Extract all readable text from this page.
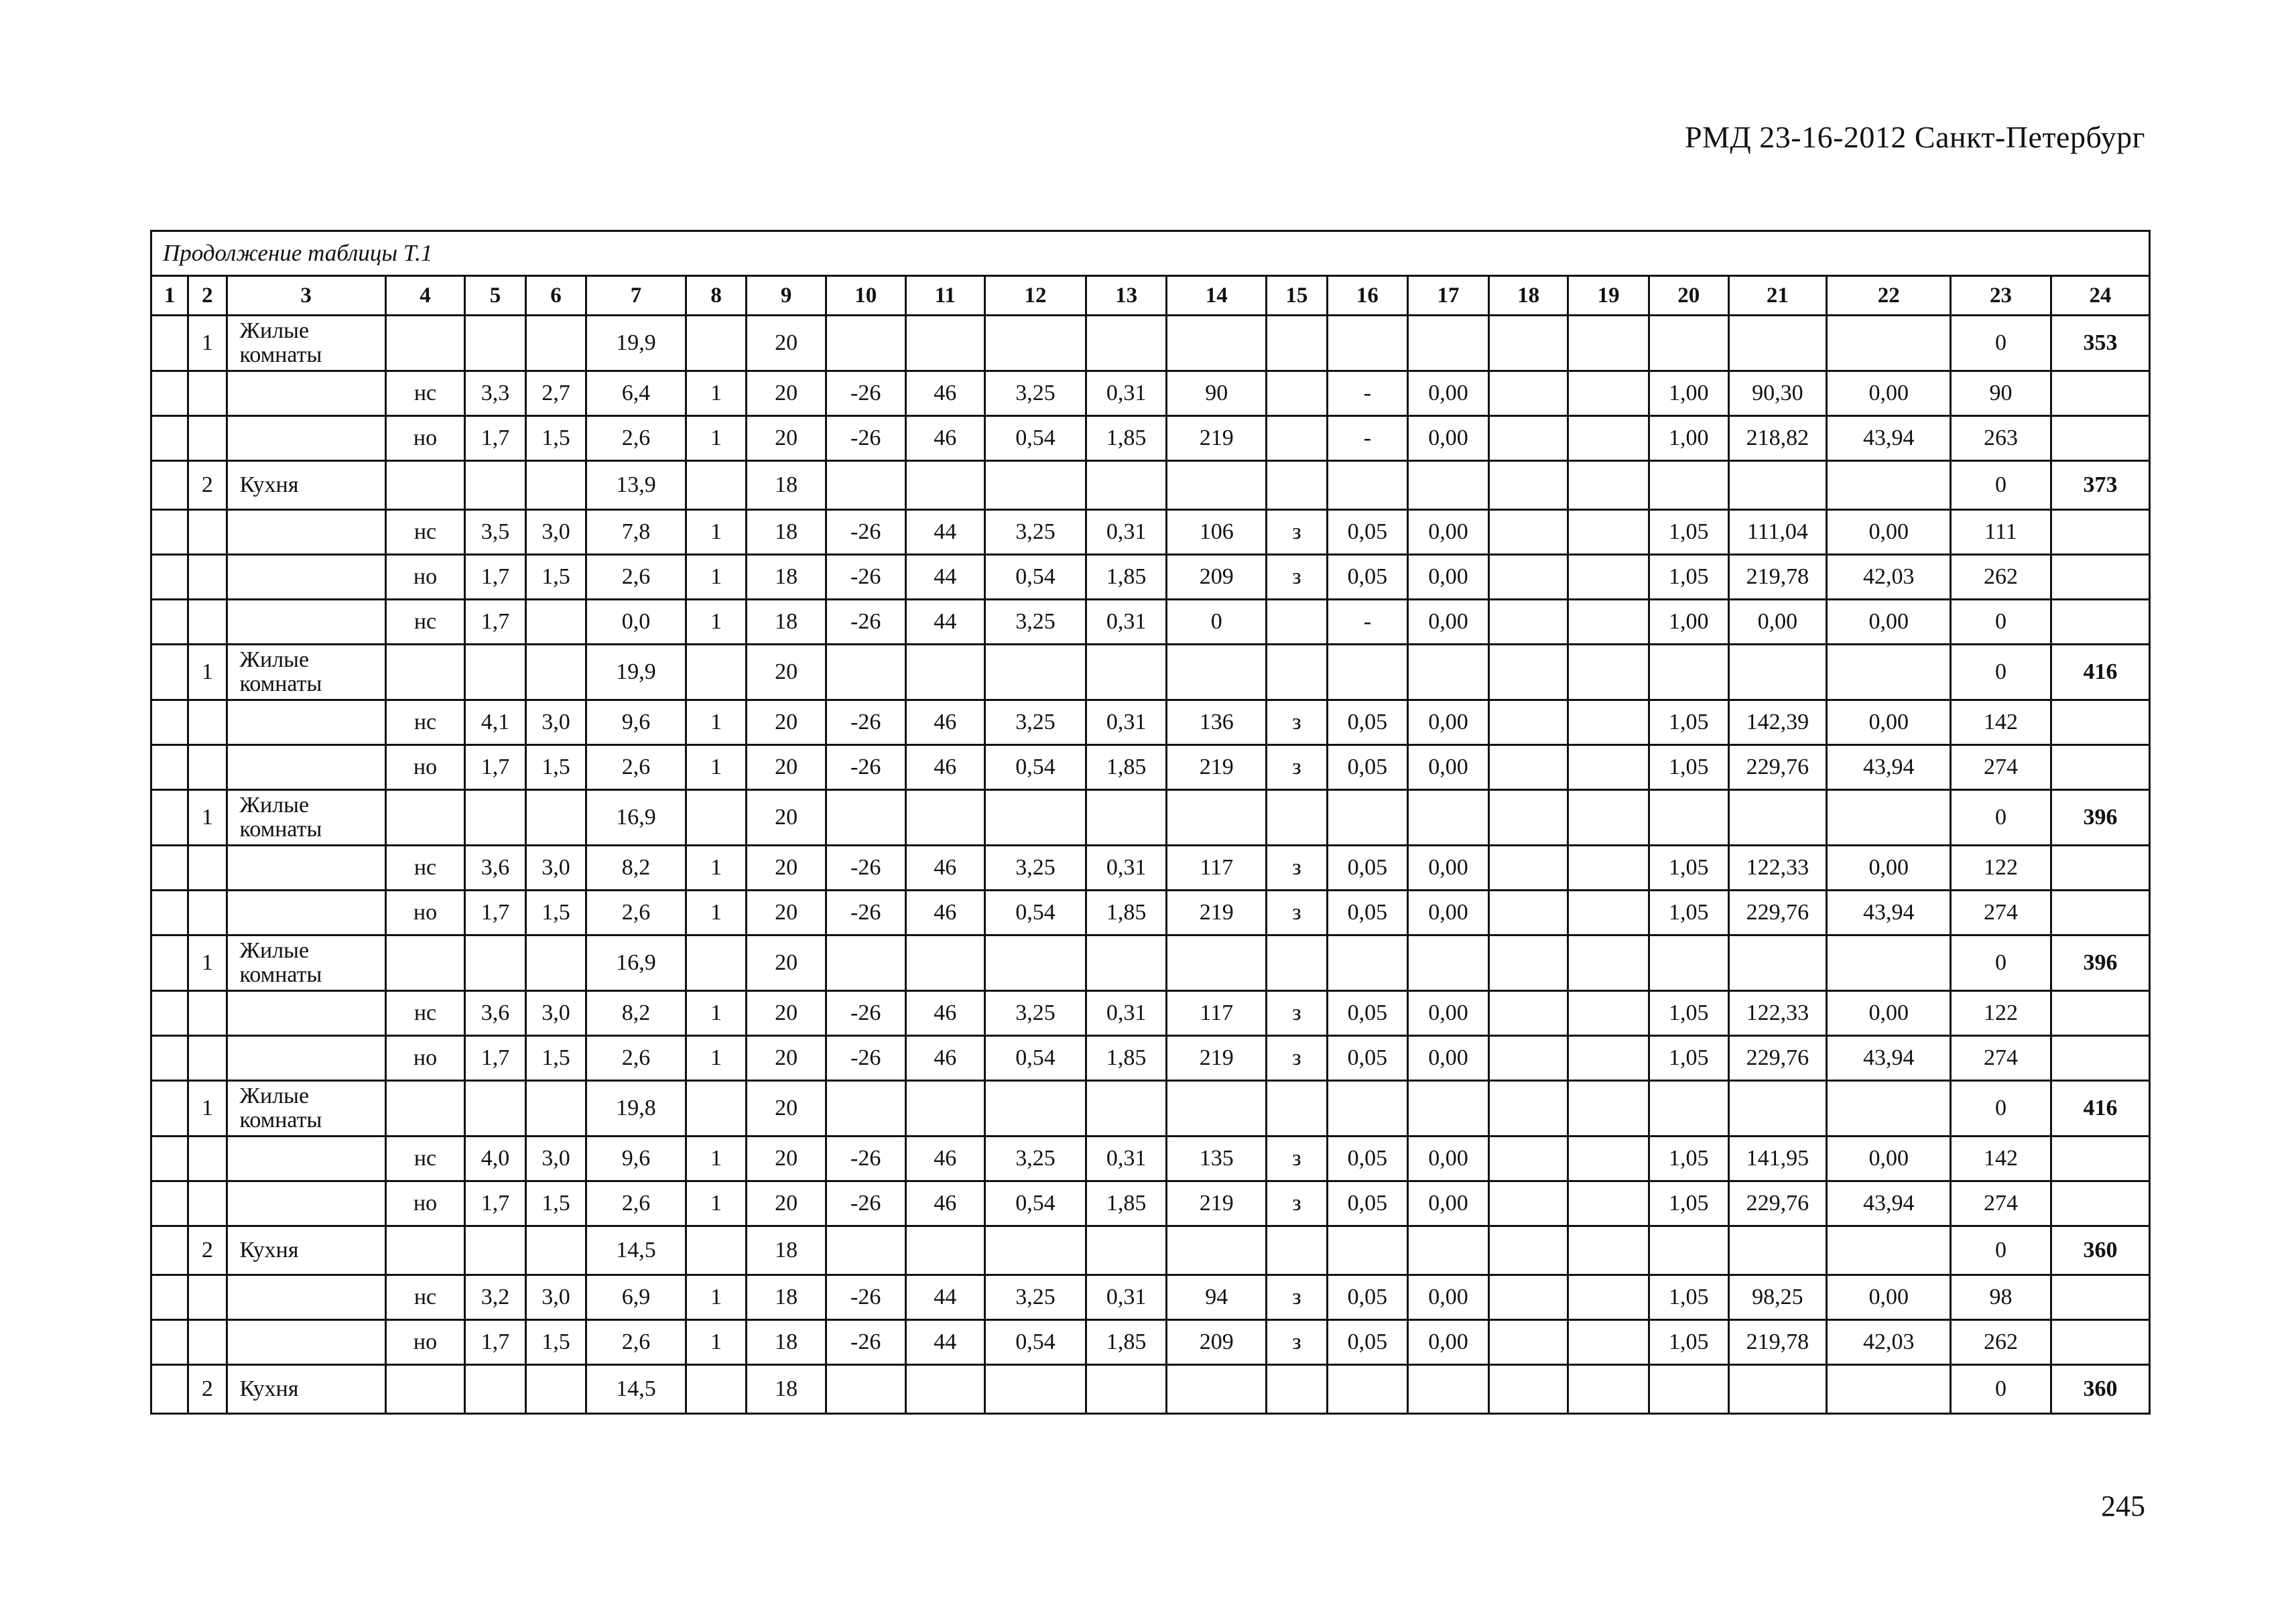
РМД 23-16-2012 Санкт-Петербург
Продолжение таблицы Т.1																							
1	2	3	4	5	6	7	8	9	10	11	12	13	14	15	16	17	18	19	20	21	22	23	24
	1	Жилые комнаты				19,9		20														0	353
			нс	3,3	2,7	6,4	1	20	-26	46	3,25	0,31	90		-	0,00			1,00	90,30	0,00	90	
			но	1,7	1,5	2,6	1	20	-26	46	0,54	1,85	219		-	0,00			1,00	218,82	43,94	263	
	2	Кухня				13,9		18														0	373
			нс	3,5	3,0	7,8	1	18	-26	44	3,25	0,31	106	з	0,05	0,00			1,05	111,04	0,00	111	
			но	1,7	1,5	2,6	1	18	-26	44	0,54	1,85	209	з	0,05	0,00			1,05	219,78	42,03	262	
			нс	1,7		0,0	1	18	-26	44	3,25	0,31	0		-	0,00			1,00	0,00	0,00	0	
	1	Жилые комнаты				19,9		20														0	416
			нс	4,1	3,0	9,6	1	20	-26	46	3,25	0,31	136	з	0,05	0,00			1,05	142,39	0,00	142	
			но	1,7	1,5	2,6	1	20	-26	46	0,54	1,85	219	з	0,05	0,00			1,05	229,76	43,94	274	
	1	Жилые комнаты				16,9		20														0	396
			нс	3,6	3,0	8,2	1	20	-26	46	3,25	0,31	117	з	0,05	0,00			1,05	122,33	0,00	122	
			но	1,7	1,5	2,6	1	20	-26	46	0,54	1,85	219	з	0,05	0,00			1,05	229,76	43,94	274	
	1	Жилые комнаты				16,9		20														0	396
			нс	3,6	3,0	8,2	1	20	-26	46	3,25	0,31	117	з	0,05	0,00			1,05	122,33	0,00	122	
			но	1,7	1,5	2,6	1	20	-26	46	0,54	1,85	219	з	0,05	0,00			1,05	229,76	43,94	274	
	1	Жилые комнаты				19,8		20														0	416
			нс	4,0	3,0	9,6	1	20	-26	46	3,25	0,31	135	з	0,05	0,00			1,05	141,95	0,00	142	
			но	1,7	1,5	2,6	1	20	-26	46	0,54	1,85	219	з	0,05	0,00			1,05	229,76	43,94	274	
	2	Кухня				14,5		18														0	360
			нс	3,2	3,0	6,9	1	18	-26	44	3,25	0,31	94	з	0,05	0,00			1,05	98,25	0,00	98	
			но	1,7	1,5	2,6	1	18	-26	44	0,54	1,85	209	з	0,05	0,00			1,05	219,78	42,03	262	
	2	Кухня				14,5		18														0	360
245
